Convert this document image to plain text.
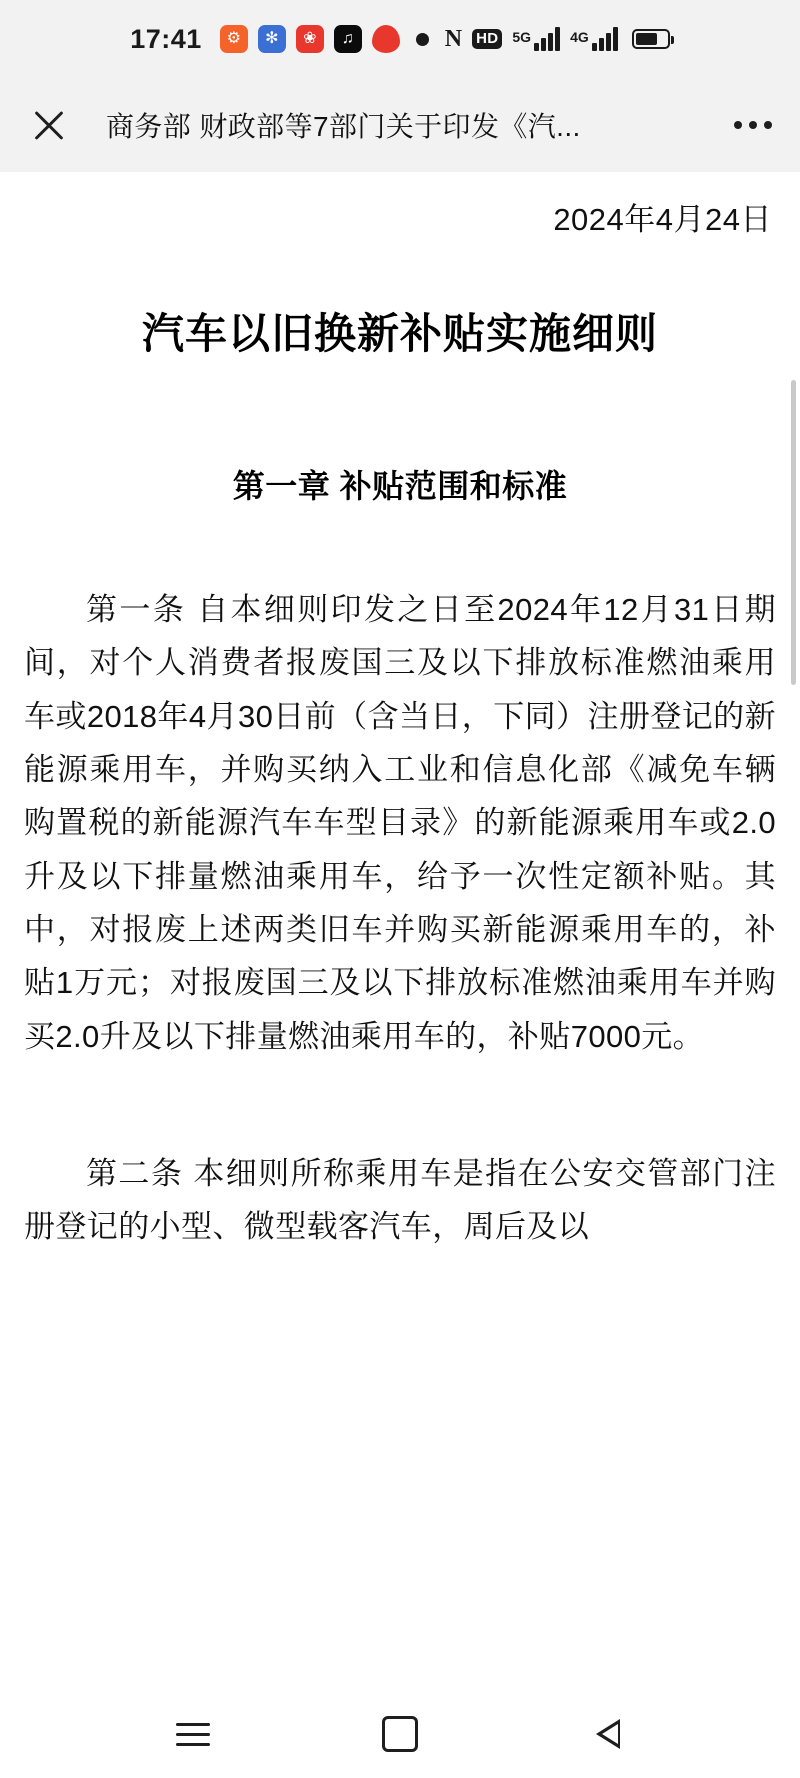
17:41	⚙	✻	❀	♫	N HD 5G	4G
商务部 财政部等7部门关于印发《汽...
2024年4月24日
汽车以旧换新补贴实施细则
第一章 补贴范围和标准

第一条 自本细则印发之日至2024年12月31日期间，对个人消费者报废国三及以下排放标准燃油乘用车或2018年4月30日前（含当日，下同）注册登记的新能源乘用车，并购买纳入工业和信息化部《减免车辆购置税的新能源汽车车型目录》的新能源乘用车或2.0升及以下排量燃油乘用车，给予一次性定额补贴。其中，对报废上述两类旧车并购买新能源乘用车的，补贴1万元；对报废国三及以下排放标准燃油乘用车并购买2.0升及以下排量燃油乘用车的，补贴7000元。

第二条 本细则所称乘用车是指在公安交管部门注册登记的小型、微型载客汽车，周后及以
